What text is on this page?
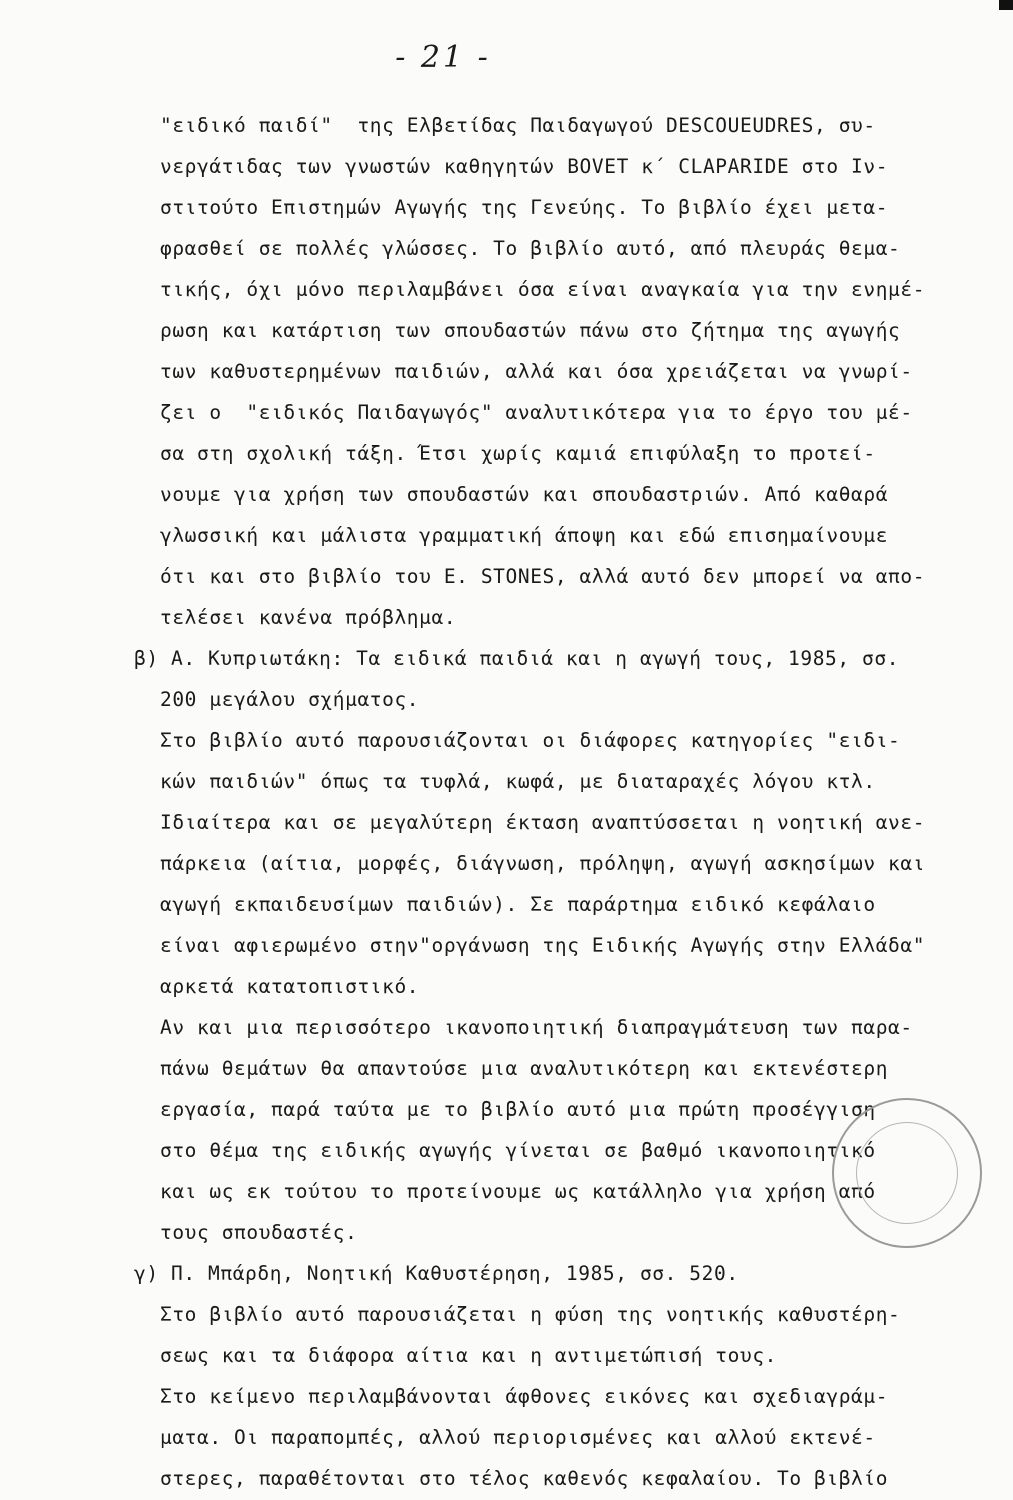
- 21 -
"ειδικό παιδί"  της Ελβετίδας Παιδαγωγού DESCOUEUDRES, συ-
νεργάτιδας των γνωστών καθηγητών BOVET κ΄ CLAPARIDE στο Ιν-
στιτούτο Επιστημών Αγωγής της Γενεύης. Το βιβλίο έχει μετα-
φρασθεί σε πολλές γλώσσες. Το βιβλίο αυτό, από πλευράς θεμα-
τικής, όχι μόνο περιλαμβάνει όσα είναι αναγκαία για την ενημέ-
ρωση και κατάρτιση των σπουδαστών πάνω στο ζήτημα της αγωγής
των καθυστερημένων παιδιών, αλλά και όσα χρειάζεται να γνωρί-
ζει ο  "ειδικός Παιδαγωγός" αναλυτικότερα για το έργο του μέ-
σα στη σχολική τάξη. Έτσι χωρίς καμιά επιφύλαξη το προτεί-
νουμε για χρήση των σπουδαστών και σπουδαστριών. Από καθαρά
γλωσσική και μάλιστα γραμματική άποψη και εδώ επισημαίνουμε
ότι και στο βιβλίο του E. STONES, αλλά αυτό δεν μπορεί να απο-
τελέσει κανένα πρόβλημα.
β) Α. Κυπριωτάκη: Τα ειδικά παιδιά και η αγωγή τους, 1985, σσ.
200 μεγάλου σχήματος.
Στο βιβλίο αυτό παρουσιάζονται οι διάφορες κατηγορίες "ειδι-
κών παιδιών" όπως τα τυφλά, κωφά, με διαταραχές λόγου κτλ.
Ιδιαίτερα και σε μεγαλύτερη έκταση αναπτύσσεται η νοητική ανε-
πάρκεια (αίτια, μορφές, διάγνωση, πρόληψη, αγωγή ασκησίμων και
αγωγή εκπαιδευσίμων παιδιών). Σε παράρτημα ειδικό κεφάλαιο
είναι αφιερωμένο στην"οργάνωση της Ειδικής Αγωγής στην Ελλάδα"
αρκετά κατατοπιστικό.
Αν και μια περισσότερο ικανοποιητική διαπραγμάτευση των παρα-
πάνω θεμάτων θα απαντούσε μια αναλυτικότερη και εκτενέστερη
εργασία, παρά ταύτα με το βιβλίο αυτό μια πρώτη προσέγγιση
στο θέμα της ειδικής αγωγής γίνεται σε βαθμό ικανοποιητικό
και ως εκ τούτου το προτείνουμε ως κατάλληλο για χρήση από
τους σπουδαστές.
γ) Π. Μπάρδη, Νοητική Καθυστέρηση, 1985, σσ. 520.
Στο βιβλίο αυτό παρουσιάζεται η φύση της νοητικής καθυστέρη-
σεως και τα διάφορα αίτια και η αντιμετώπισή τους.
Στο κείμενο περιλαμβάνονται άφθονες εικόνες και σχεδιαγράμ-
ματα. Οι παραπομπές, αλλού περιορισμένες και αλλού εκτενέ-
στερες, παραθέτονται στο τέλος καθενός κεφαλαίου. Το βιβλίο
